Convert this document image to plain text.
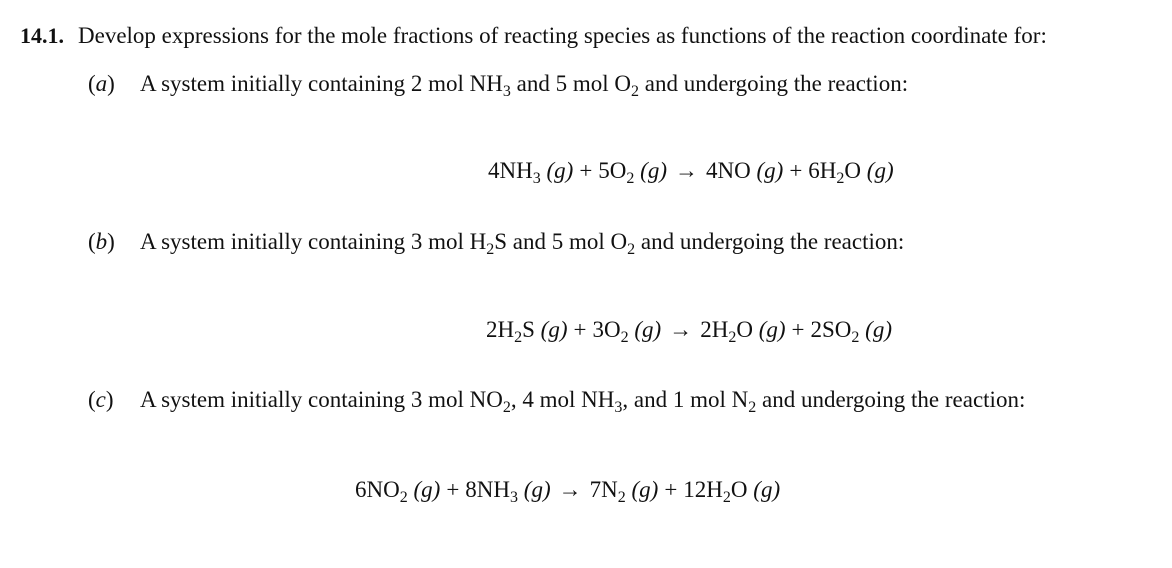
14.1. Develop expressions for the mole fractions of reacting species as functions of the reaction coordinate for:
(a) A system initially containing 2 mol $NH_3$ and 5 mol $O_2$ and undergoing the reaction:
$4NH_3$ $(g) + 5O_2$ (g) → 4NO $(g) + 6H_2O$ (g)
(b) A system initially containing 3 mol $H_2S$ and 5 mol $O_2$ and undergoing the reaction:
$2H_2S$ $(g) + 3O_2$ $(g) \to 2H_2O$ $(g) + 2SO_2$ (g)
(c) A system initially containing 3 mol $NO_2$, 4 mol $NH_3$, and 1 mol $N_2$ and undergoing the reaction:
$6NO_2$ $(g) + 8NH_3$ $(g) \to 7N_2$ $(g) + 12H_2O$ (g)
